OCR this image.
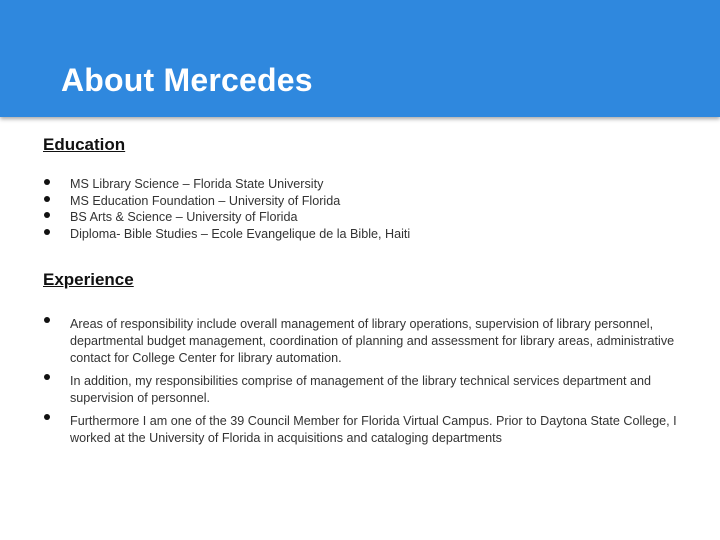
About Mercedes
Education
MS Library Science – Florida State University
MS Education Foundation – University of Florida
BS Arts & Science – University of Florida
Diploma- Bible Studies – Ecole Evangelique de la Bible, Haiti
Experience
Areas of responsibility include overall management of library operations, supervision of library personnel, departmental budget management, coordination of planning and assessment for library areas, administrative contact for College Center for library automation.
In addition, my responsibilities comprise of management of the library technical services department and supervision of personnel.
Furthermore I am one of the 39 Council Member for Florida Virtual Campus. Prior to Daytona State College, I worked at the University of Florida in acquisitions and cataloging departments
